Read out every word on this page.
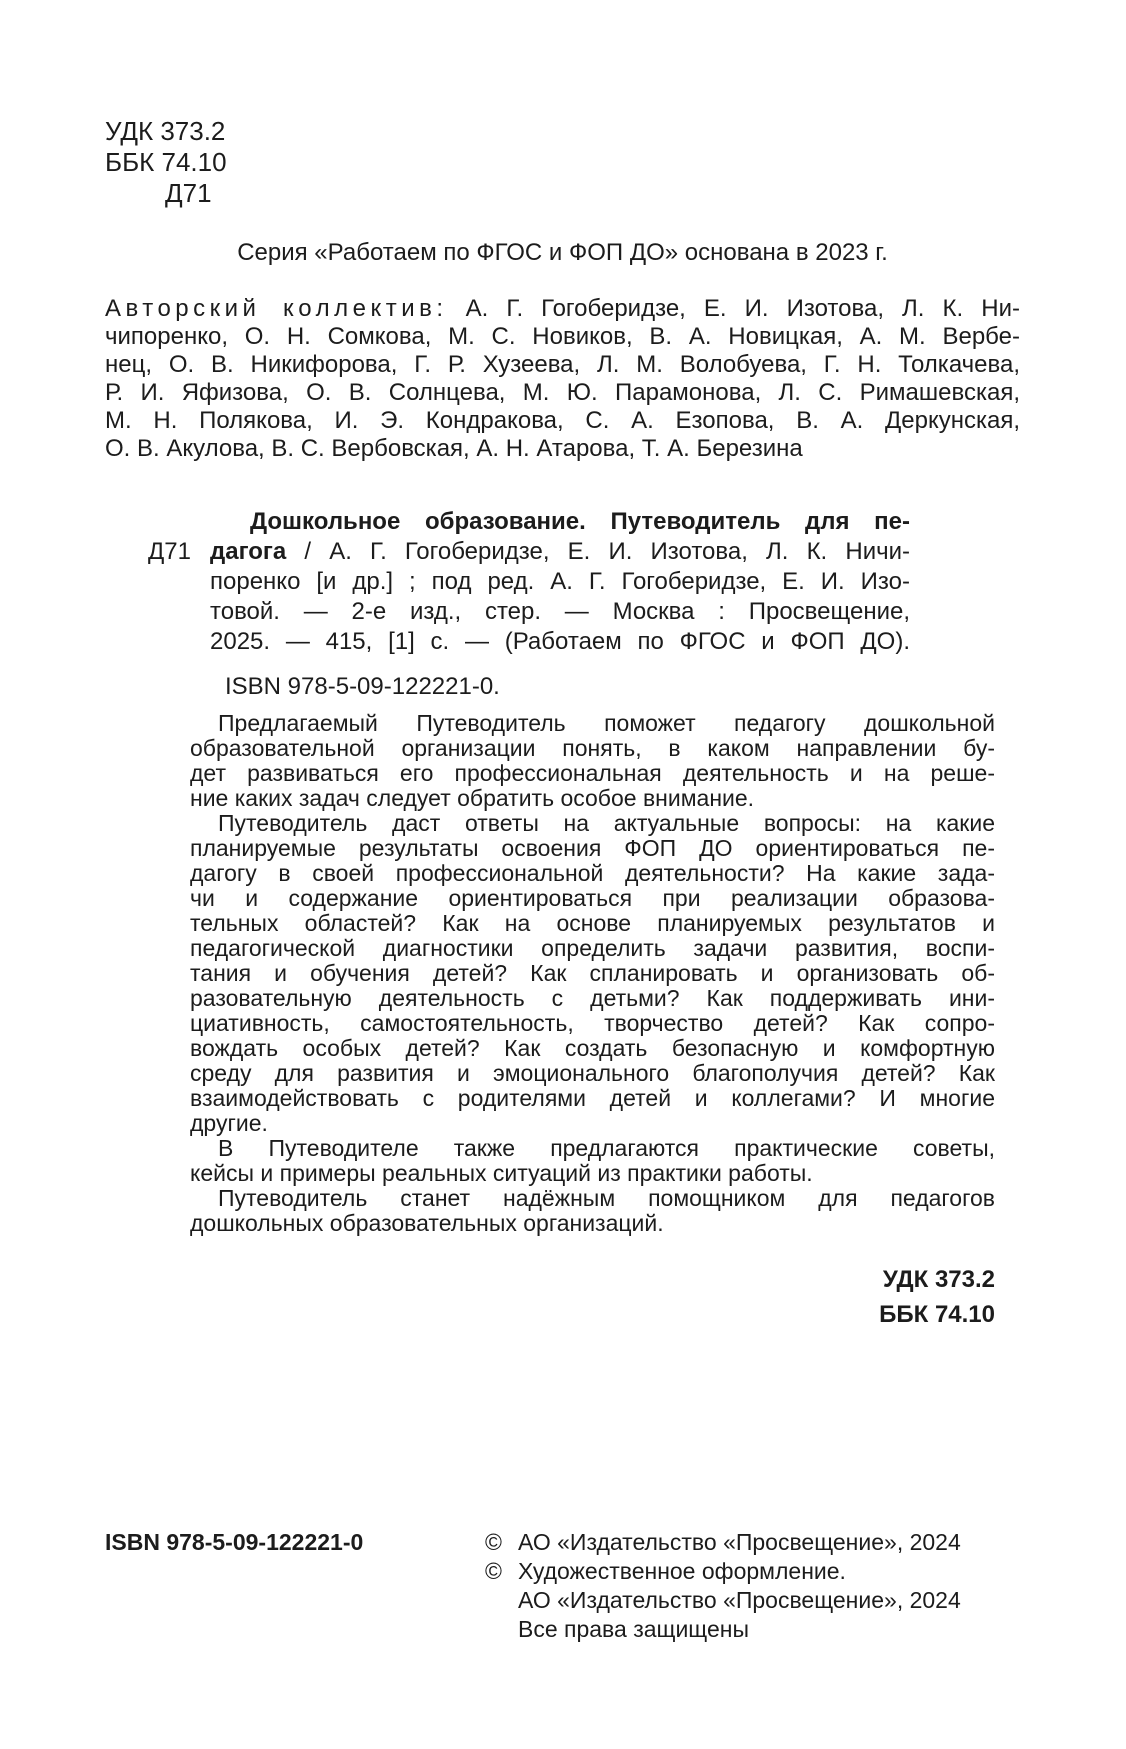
УДК 373.2
ББК 74.10
Д71
Серия «Работаем по ФГОС и ФОП ДО» основана в 2023 г.
Авторский коллектив: А. Г. Гогоберидзе, Е. И. Изотова, Л. К. Ни-
чипоренко, О. Н. Сомкова, М. С. Новиков, В. А. Новицкая, А. М. Вербе-
нец, О. В. Никифорова, Г. Р. Хузеева, Л. М. Волобуева, Г. Н. Толкачева,
Р. И. Яфизова, О. В. Солнцева, М. Ю. Парамонова, Л. С. Римашевская,
М. Н. Полякова, И. Э. Кондракова, С. А. Езопова, В. А. Деркунская,
О. В. Акулова, В. С. Вербовская, А. Н. Атарова, Т. А. Березина
Д71
Дошкольное образование. Путеводитель для пе-
дагога / А. Г. Гогоберидзе, Е. И. Изотова, Л. К. Ничи-
поренко [и др.] ; под ред. А. Г. Гогоберидзе, Е. И. Изо-
товой. — 2-е изд., стер. — Москва : Просвещение,
2025. — 415, [1] с. — (Работаем по ФГОС и ФОП ДО).
ISBN 978-5-09-122221-0.
Предлагаемый Путеводитель поможет педагогу дошкольной
образовательной организации понять, в каком направлении бу-
дет развиваться его профессиональная деятельность и на реше-
ние каких задач следует обратить особое внимание.
Путеводитель даст ответы на актуальные вопросы: на какие
планируемые результаты освоения ФОП ДО ориентироваться пе-
дагогу в своей профессиональной деятельности? На какие зада-
чи и содержание ориентироваться при реализации образова-
тельных областей? Как на основе планируемых результатов и
педагогической диагностики определить задачи развития, воспи-
тания и обучения детей? Как спланировать и организовать об-
разовательную деятельность с детьми? Как поддерживать ини-
циативность, самостоятельность, творчество детей? Как сопро-
вождать особых детей? Как создать безопасную и комфортную
среду для развития и эмоционального благополучия детей? Как
взаимодействовать с родителями детей и коллегами? И многие
другие.
В Путеводителе также предлагаются практические советы,
кейсы и примеры реальных ситуаций из практики работы.
Путеводитель станет надёжным помощником для педагогов
дошкольных образовательных организаций.
УДК 373.2
ББК 74.10
ISBN 978-5-09-122221-0	© АО «Издательство «Просвещение», 2024
© Художественное оформление.
АО «Издательство «Просвещение», 2024
Все права защищены
